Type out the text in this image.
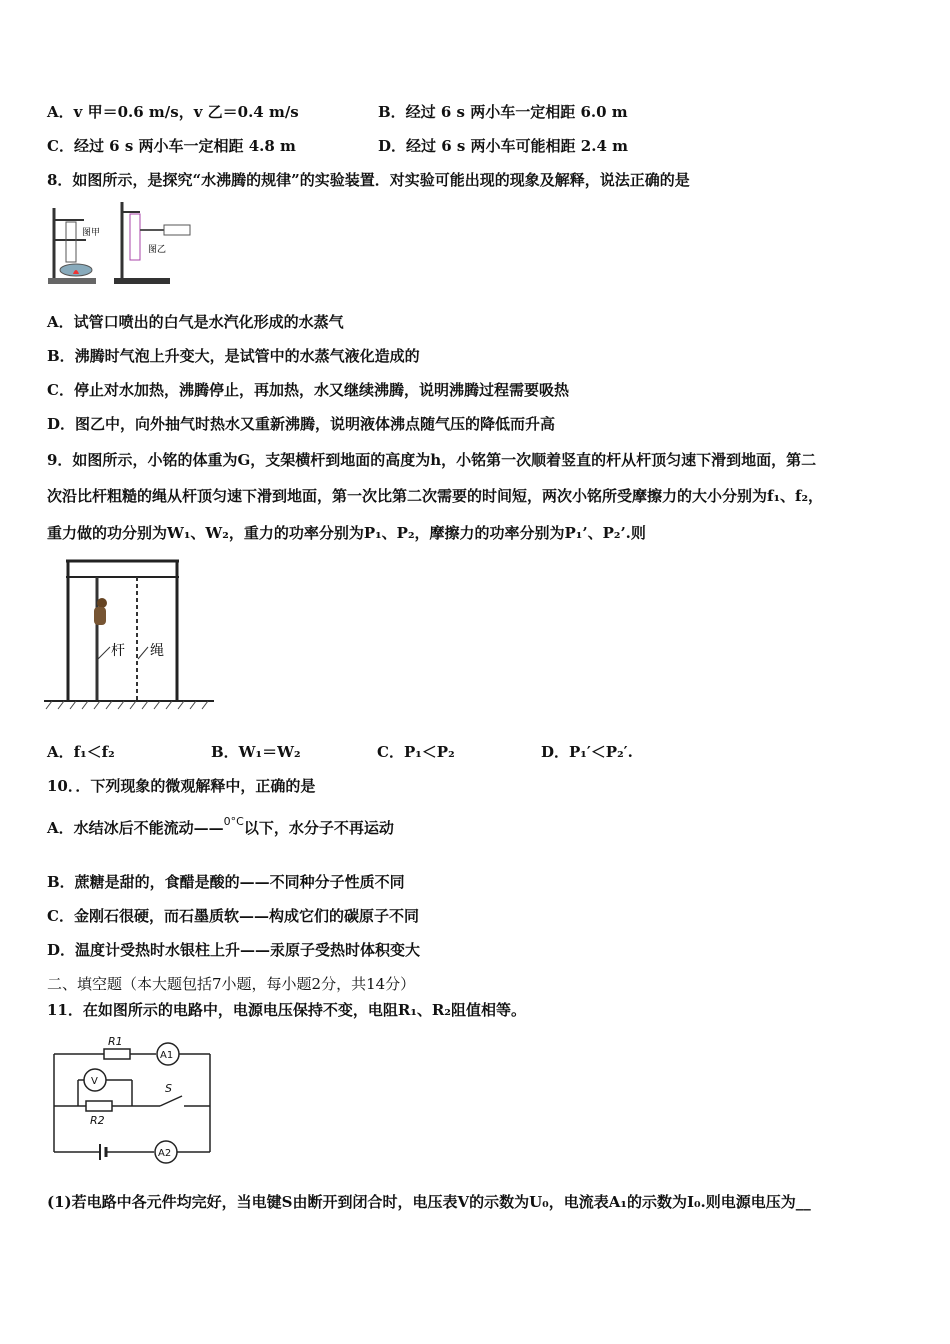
A．v 甲＝0.6 m/s，v 乙＝0.4 m/s	B．经过 6 s 两小车一定相距 6.0 m
C．经过 6 s 两小车一定相距 4.8 m	D．经过 6 s 两小车可能相距 2.4 m
8．如图所示，是探究“水沸腾的规律”的实验装置．对实验可能出现的现象及解释，说法正确的是
图甲
图乙
A．试管口喷出的白气是水汽化形成的水蒸气
B．沸腾时气泡上升变大，是试管中的水蒸气液化造成的
C．停止对水加热，沸腾停止，再加热，水又继续沸腾，说明沸腾过程需要吸热
D．图乙中，向外抽气时热水又重新沸腾，说明液体沸点随气压的降低而升高
9．如图所示，小铭的体重为G，支架横杆到地面的高度为h，小铭第一次顺着竖直的杆从杆顶匀速下滑到地面，第二
次沿比杆粗糙的绳从杆顶匀速下滑到地面，第一次比第二次需要的时间短，两次小铭所受摩擦力的大小分别为f₁、f₂，
重力做的功分别为W₁、W₂，重力的功率分别为P₁、P₂，摩擦力的功率分别为P₁’、P₂’.则
杆 绳
A．f₁＜f₂	B．W₁＝W₂	C．P₁＜P₂	D．P₁′＜P₂′.
10．．下列现象的微观解释中，正确的是
A．水结冰后不能流动——$^{0^\circ C}$以下，水分子不再运动
B．蔗糖是甜的，食醋是酸的——不同种分子性质不同
C．金刚石很硬，而石墨质软——构成它们的碳原子不同
D．温度计受热时水银柱上升——汞原子受热时体积变大
二、填空题（本大题包括7小题，每小题2分，共14分）
11．在如图所示的电路中，电源电压保持不变，电阻R₁、R₂阻值相等。
R1
A1
V
R2
S
A2
(1)若电路中各元件均完好，当电键S由断开到闭合时，电压表V的示数为U₀，电流表A₁的示数为I₀.则电源电压为__
